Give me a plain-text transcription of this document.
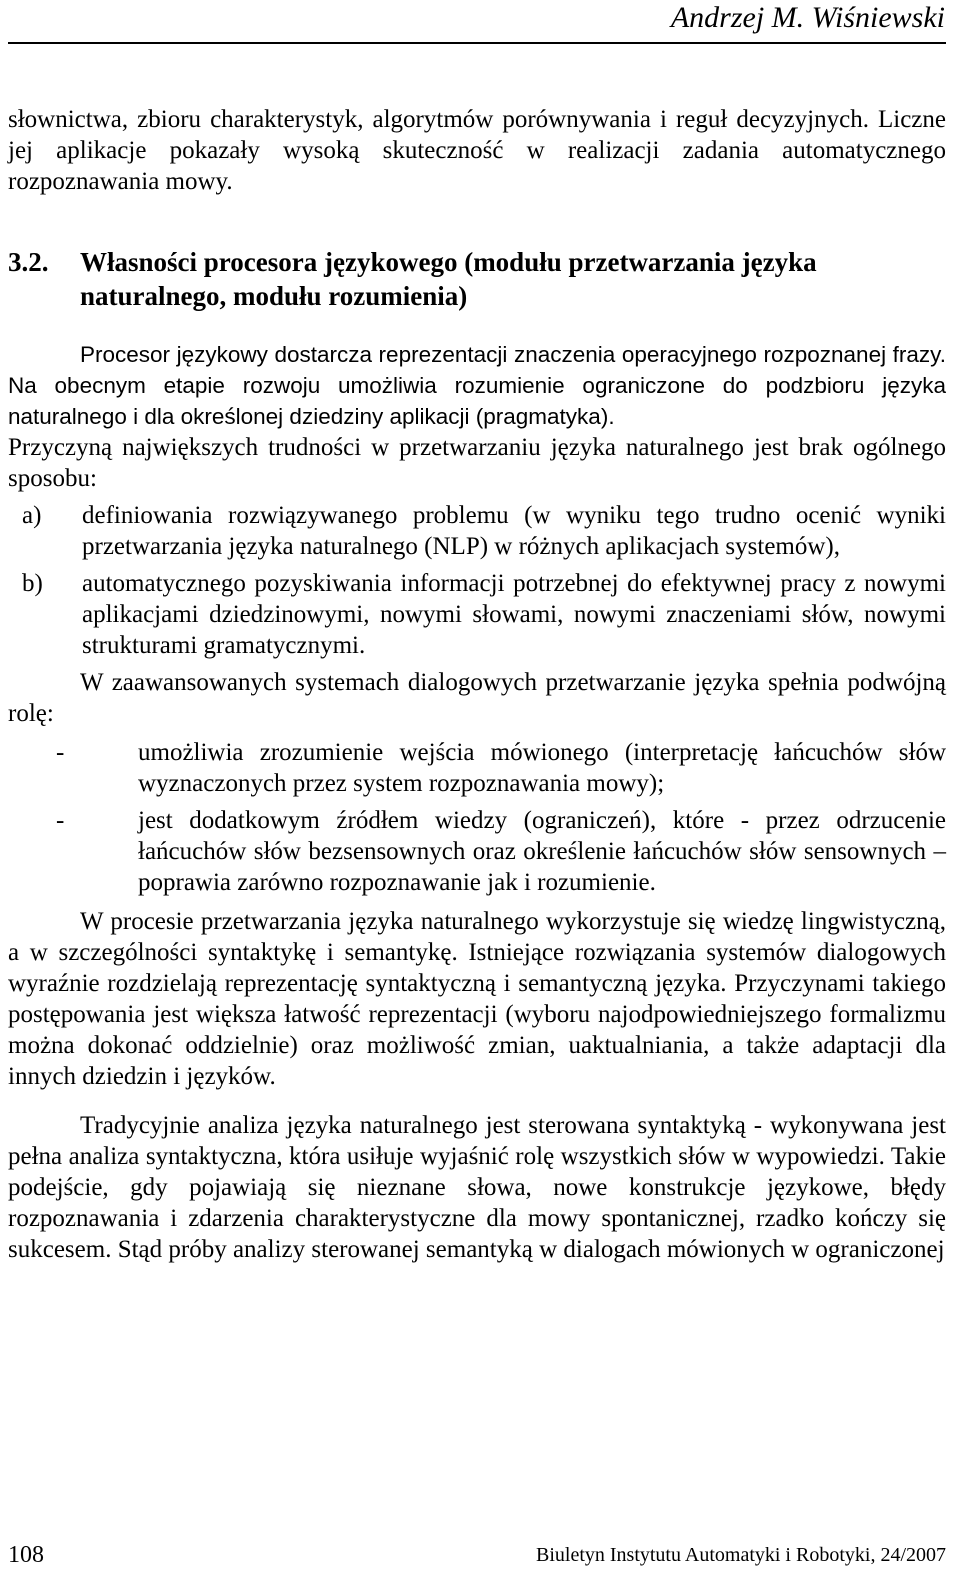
Andrzej M. Wiśniewski

słownictwa, zbioru charakterystyk, algorytmów porównywania i reguł decyzyjnych. Liczne jej aplikacje pokazały wysoką skuteczność w realizacji zadania automatycznego rozpoznawania mowy.

3.2.	Własności procesora językowego (modułu przetwarzania języka naturalnego, modułu rozumienia)

Procesor językowy dostarcza reprezentacji znaczenia operacyjnego rozpoznanej frazy. Na obecnym etapie rozwoju umożliwia rozumienie ograniczone do podzbioru języka naturalnego i dla określonej dziedziny aplikacji (pragmatyka).

Przyczyną największych trudności w przetwarzaniu języka naturalnego jest brak ogólnego sposobu:

a)	definiowania rozwiązywanego problemu (w wyniku tego trudno ocenić wyniki przetwarzania języka naturalnego (NLP) w różnych aplikacjach systemów),
b)	automatycznego pozyskiwania informacji potrzebnej do efektywnej pracy z nowymi aplikacjami dziedzinowymi, nowymi słowami, nowymi znaczeniami słów, nowymi strukturami gramatycznymi.

W zaawansowanych systemach dialogowych przetwarzanie języka spełnia podwójną rolę:

-	umożliwia zrozumienie wejścia mówionego (interpretację łańcuchów słów wyznaczonych przez system rozpoznawania mowy);
-	jest dodatkowym źródłem wiedzy (ograniczeń), które - przez odrzucenie łańcuchów słów bezsensownych oraz określenie łańcuchów słów sensownych – poprawia zarówno rozpoznawanie jak i rozumienie.

W procesie przetwarzania języka naturalnego wykorzystuje się wiedzę lingwistyczną, a w szczególności syntaktykę i semantykę. Istniejące rozwiązania systemów dialogowych wyraźnie rozdzielają reprezentację syntaktyczną i semantyczną języka. Przyczynami takiego postępowania jest większa łatwość reprezentacji (wyboru najodpowiedniejszego formalizmu można dokonać oddzielnie) oraz możliwość zmian, uaktualniania, a także adaptacji dla innych dziedzin i języków.

Tradycyjnie analiza języka naturalnego jest sterowana syntaktyką - wykonywana jest pełna analiza syntaktyczna, która usiłuje wyjaśnić rolę wszystkich słów w wypowiedzi. Takie podejście, gdy pojawiają się nieznane słowa, nowe konstrukcje językowe, błędy rozpoznawania i zdarzenia charakterystyczne dla mowy spontanicznej, rzadko kończy się sukcesem. Stąd próby analizy sterowanej semantyką w dialogach mówionych w ograniczonej

108	Biuletyn Instytutu Automatyki i Robotyki, 24/2007
